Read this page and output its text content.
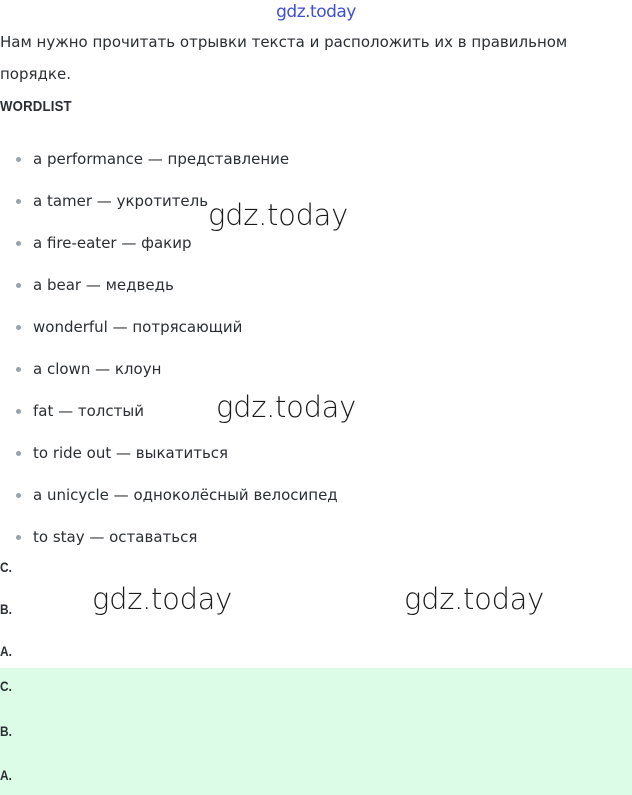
gdz.today
Нам нужно прочитать отрывки текста и расположить их в правильном порядке.
WORDLIST
a performance — представление
a tamer — укротитель
a fire-eater — факир
a bear — медведь
wonderful — потрясающий
a clown — клоун
fat — толстый
to ride out — выкатиться
a unicycle — одноколёсный велосипед
to stay — оставаться
C.
B.
A.
C.
B.
A.
gdz.today
gdz.today
gdz.today	gdz.today
